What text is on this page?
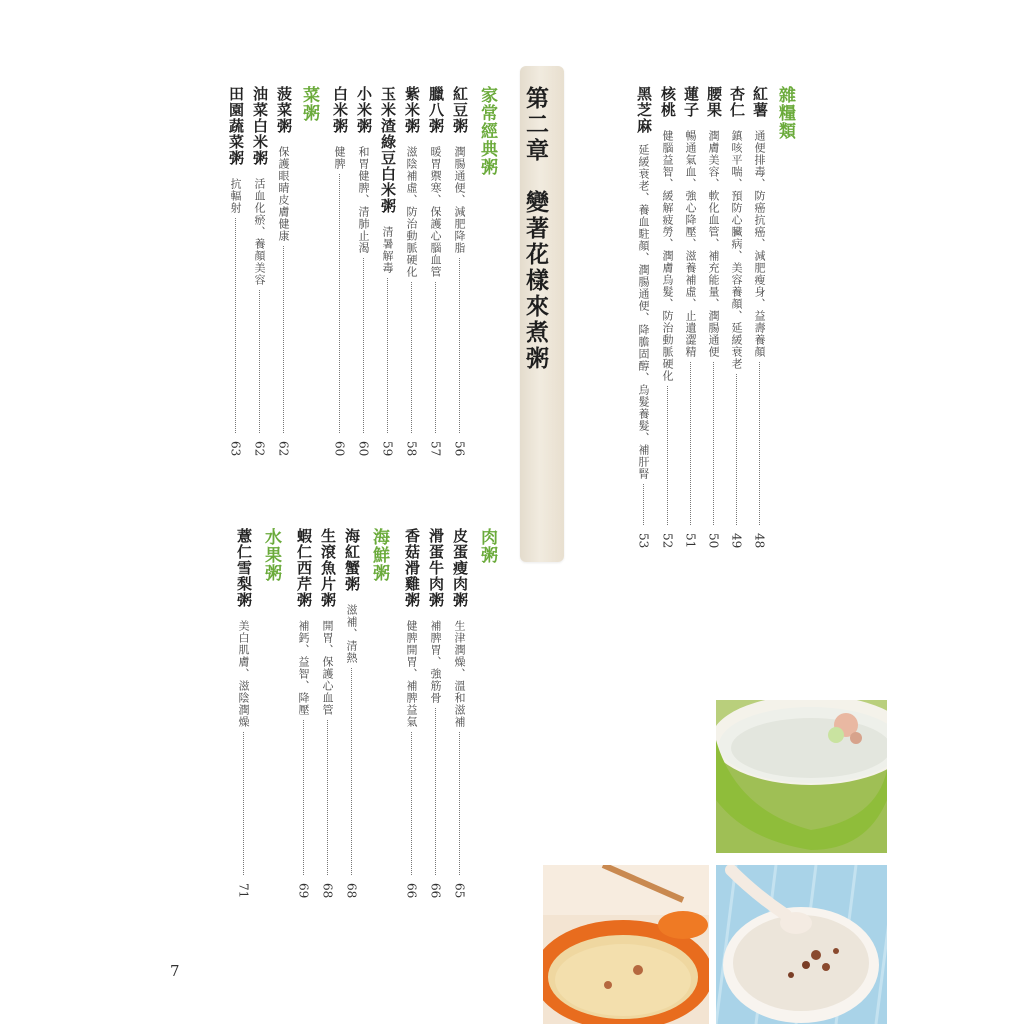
雜糧類
紅薯
通便排毒、防癌抗癌、減肥瘦身、益壽養顏
48
杏仁
鎮咳平喘、預防心臟病、美容養顏、延緩衰老
49
腰果
潤膚美容、軟化血管、補充能量、潤腸通便
50
蓮子
暢通氣血、強心降壓、滋養補虛、止遺澀精
51
核桃
健腦益智、緩解疲勞、潤膚烏髮、防治動脈硬化
52
黑芝麻
延緩衰老、養血駐顏、潤腸通便、降膽固醇、烏髮養髮、補肝腎
53
第二章　變著花樣來煮粥
家常經典粥
紅豆粥
潤腸通便、減肥降脂
56
臘八粥
暖胃禦寒、保護心腦血管
57
紫米粥
滋陰補虛、防治動脈硬化
58
玉米渣綠豆白米粥
清暑解毒
59
小米粥
和胃健脾、清肺止渴
60
白米粥
健脾
60
菜粥
菠菜粥
保護眼睛皮膚健康
62
油菜白米粥
活血化瘀、養顏美容
62
田園蔬菜粥
抗輻射
63
肉粥
皮蛋瘦肉粥
生津潤燥、溫和滋補
65
滑蛋牛肉粥
補脾胃、強筋骨
66
香菇滑雞粥
健脾開胃、補脾益氣
66
海鮮粥
海紅蟹粥
滋補、清熱
68
生滾魚片粥
開胃、保護心血管
68
蝦仁西芹粥
補鈣、益智、降壓
69
水果粥
薏仁雪梨粥
美白肌膚、滋陰潤燥
71
7
